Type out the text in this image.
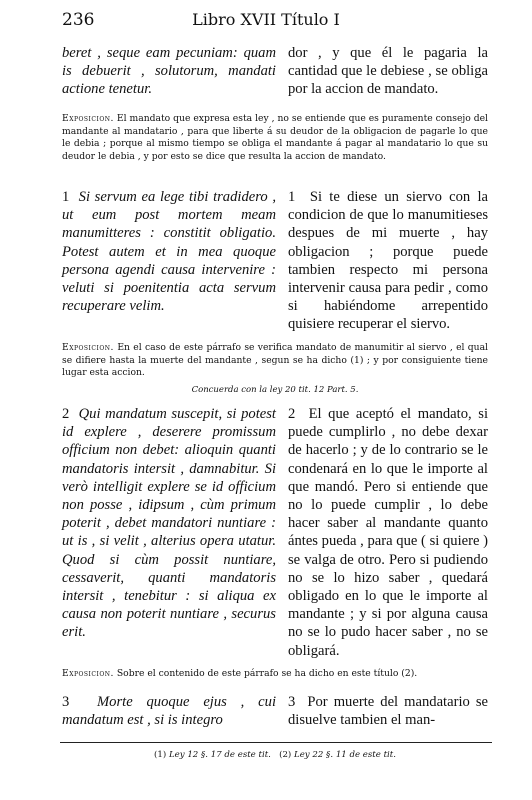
236	Libro XVII Título I

beret , seque eam pecuniam: quam is debuerit , solutorum, mandati actione tenetur.

dor , y que él le pagaria la cantidad que le debiese , se obliga por la accion de mandato.

Exposicion. El mandato que expresa esta ley , no se entiende que es puramente consejo del mandante al mandatario , para que liberte á su deudor de la obligacion de pagarle lo que le debia ; porque al mismo tiempo se obliga el mandante á pagar al mandatario lo que su deudor le debia , y por esto se dice que resulta la accion de mandato.

1 Si servum ea lege tibi tradidero , ut eum post mortem meam manumitteres : constitit obligatio. Potest autem et in mea quoque persona agendi causa intervenire : veluti si poenitentia acta servum recuperare velim.

1 Si te diese un siervo con la condicion de que lo manumitieses despues de mi muerte , hay obligacion ; porque puede tambien respecto mi persona intervenir causa para pedir , como si habiéndome arrepentido quisiere recuperar el siervo.

Exposicion. En el caso de este párrafo se verifica mandato de manumitir al siervo , el qual se difiere hasta la muerte del mandante , segun se ha dicho (1) ; y por consiguiente tiene lugar esta accion.
Concuerda con la ley 20 tit. 12 Part. 5.

2 Qui mandatum suscepit, si potest id explere , deserere promissum officium non debet: alioquin quanti mandatoris intersit , damnabitur. Si verò intelligit explere se id officium non posse , idipsum , cùm primum poterit , debet mandatori nuntiare : ut is , si velit , alterius opera utatur. Quod si cùm possit nuntiare, cessaverit, quanti mandatoris intersit , tenebitur : si aliqua ex causa non poterit nuntiare , securus erit.

2 El que aceptó el mandato, si puede cumplirlo , no debe dexar de hacerlo ; y de lo contrario se le condenará en lo que le importe al que mandó. Pero si entiende que no lo puede cumplir , lo debe hacer saber al mandante quanto ántes pueda , para que ( si quiere ) se valga de otro. Pero si pudiendo no se lo hizo saber , quedará obligado en lo que le importe al mandante ; y si por alguna causa no se lo pudo hacer saber , no se obligará.

Exposicion. Sobre el contenido de este párrafo se ha dicho en este título (2).

3 Morte quoque ejus , cui mandatum est , si is integro

3 Por muerte del mandatario se disuelve tambien el man-

(1) Ley 12 §. 17 de este tit. (2) Ley 22 §. 11 de este tit.
